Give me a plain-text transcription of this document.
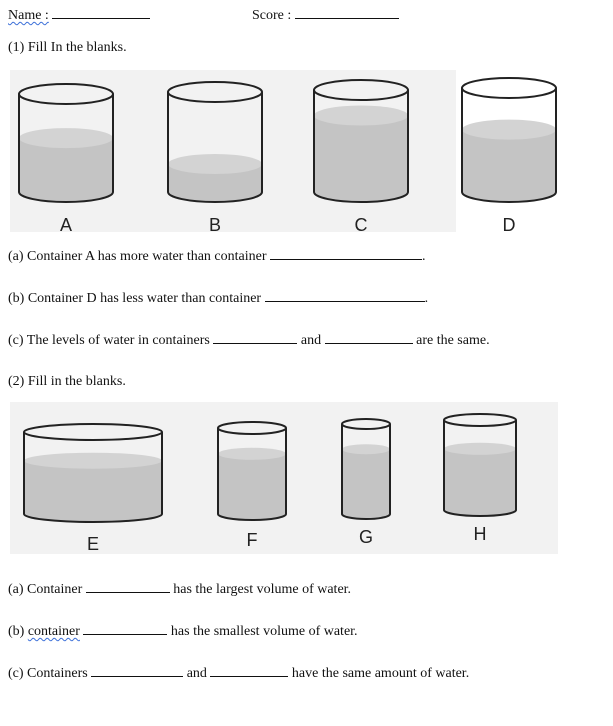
Name :	Score :
(1) Fill In the blanks.
A	B	C	D
(a) Container A has more water than container	.
(b) Container D has less water than container	.
(c) The levels of water in containers	and	are the same.
(2) Fill in the blanks.
E	F	G	H
(a) Container	has the largest volume of water.
(b) container	has the smallest volume of water.
(c) Containers	and	have the same amount of water.
